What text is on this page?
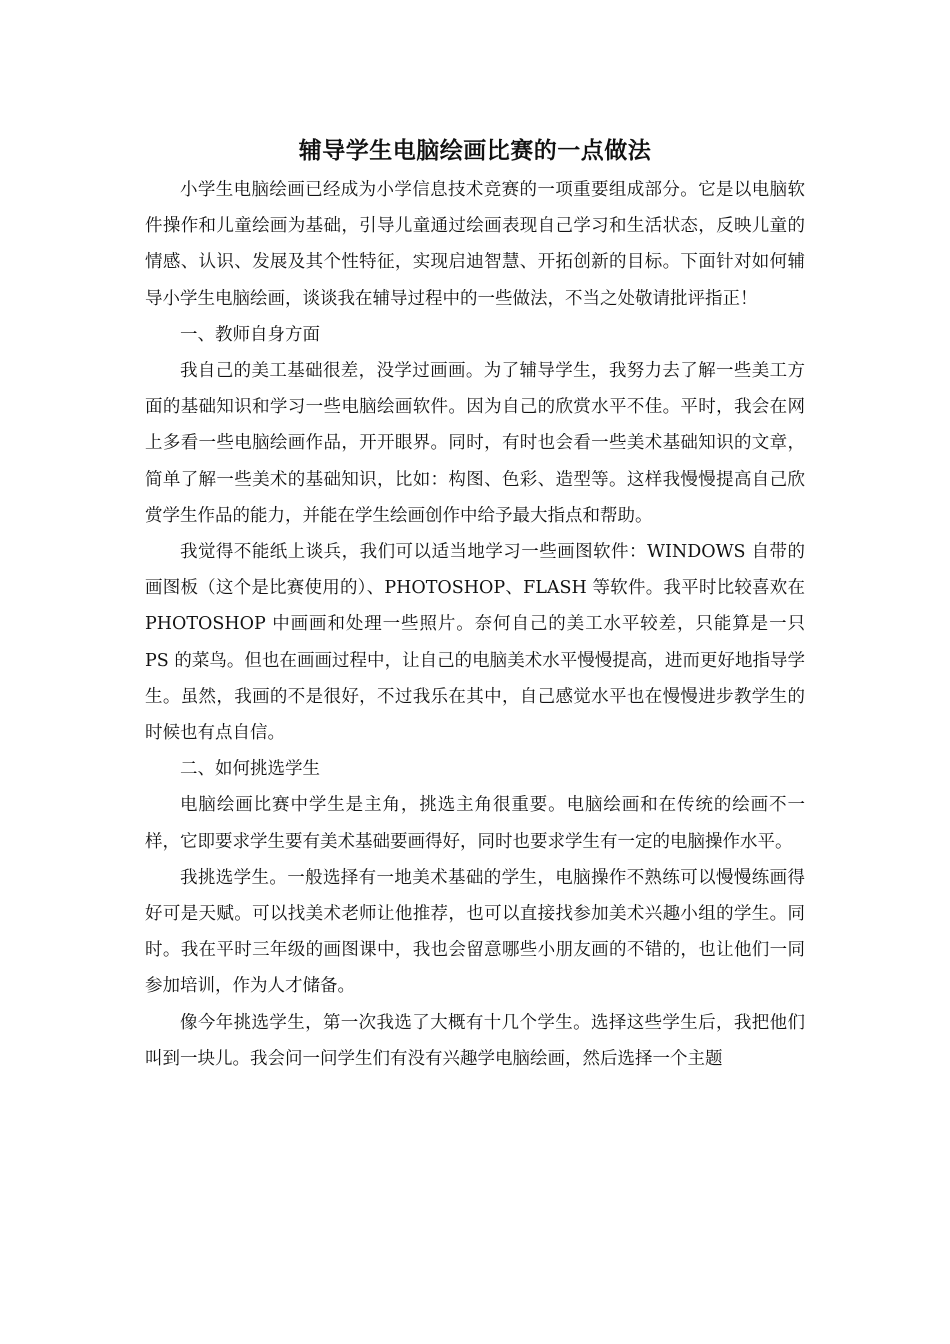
辅导学生电脑绘画比赛的一点做法

小学生电脑绘画已经成为小学信息技术竞赛的一项重要组成部分。它是以电脑软件操作和儿童绘画为基础，引导儿童通过绘画表现自己学习和生活状态，反映儿童的情感、认识、发展及其个性特征，实现启迪智慧、开拓创新的目标。下面针对如何辅导小学生电脑绘画，谈谈我在辅导过程中的一些做法，不当之处敬请批评指正！

一、教师自身方面

我自己的美工基础很差，没学过画画。为了辅导学生，我努力去了解一些美工方面的基础知识和学习一些电脑绘画软件。因为自己的欣赏水平不佳。平时，我会在网上多看一些电脑绘画作品，开开眼界。同时，有时也会看一些美术基础知识的文章，简单了解一些美术的基础知识，比如：构图、色彩、造型等。这样我慢慢提高自己欣赏学生作品的能力，并能在学生绘画创作中给予最大指点和帮助。

我觉得不能纸上谈兵，我们可以适当地学习一些画图软件：WINDOWS 自带的画图板（这个是比赛使用的）、PHOTOSHOP、FLASH 等软件。我平时比较喜欢在 PHOTOSHOP 中画画和处理一些照片。奈何自己的美工水平较差，只能算是一只 PS 的菜鸟。但也在画画过程中，让自己的电脑美术水平慢慢提高，进而更好地指导学生。虽然，我画的不是很好，不过我乐在其中，自己感觉水平也在慢慢进步教学生的时候也有点自信。

二、如何挑选学生

电脑绘画比赛中学生是主角，挑选主角很重要。电脑绘画和在传统的绘画不一样，它即要求学生要有美术基础要画得好，同时也要求学生有一定的电脑操作水平。

我挑选学生。一般选择有一地美术基础的学生，电脑操作不熟练可以慢慢练画得好可是天赋。可以找美术老师让他推荐，也可以直接找参加美术兴趣小组的学生。同时。我在平时三年级的画图课中，我也会留意哪些小朋友画的不错的，也让他们一同参加培训，作为人才储备。

像今年挑选学生，第一次我选了大概有十几个学生。选择这些学生后，我把他们叫到一块儿。我会问一问学生们有没有兴趣学电脑绘画，然后选择一个主题
